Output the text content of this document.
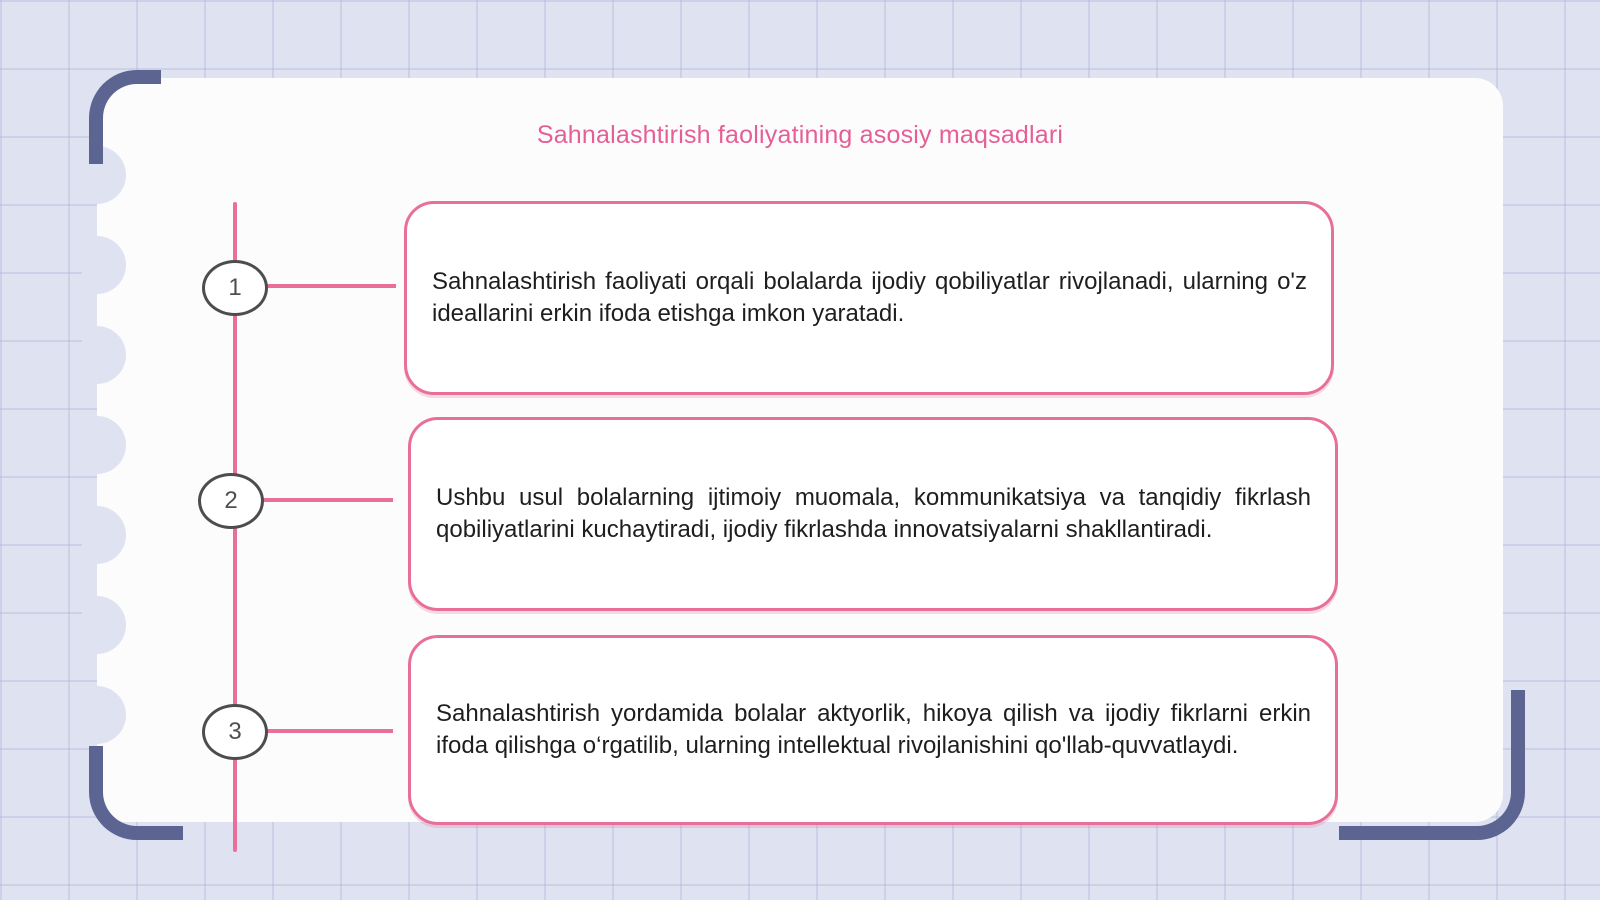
Sahnalashtirish faoliyatining asosiy maqsadlari
1	Sahnalashtirish faoliyati orqali bolalarda ijodiy qobiliyatlar rivojlanadi, ularning o'z ideallarini erkin ifoda etishga imkon yaratadi.

2	Ushbu usul bolalarning ijtimoiy muomala, kommunikatsiya va tanqidiy fikrlash qobiliyatlarini kuchaytiradi, ijodiy fikrlashda innovatsiyalarni shakllantiradi.

3

Sahnalashtirish yordamida bolalar aktyorlik, hikoya qilish va ijodiy fikrlarni erkin ifoda qilishga o‘rgatilib, ularning intellektual rivojlanishini qo'llab-quvvatlaydi.
